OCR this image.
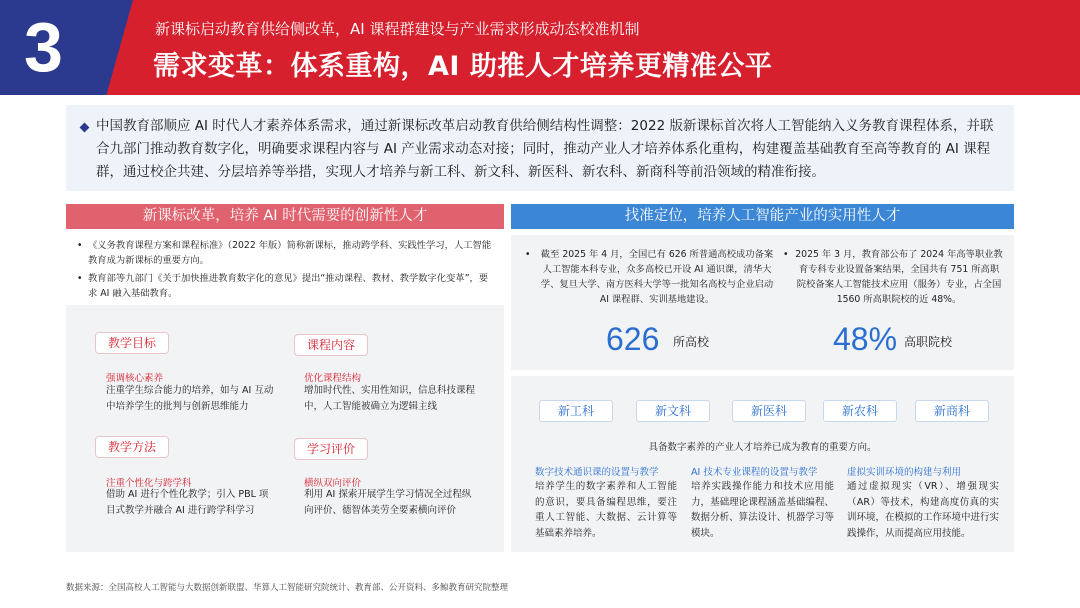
3	新课标启动教育供给侧改革，AI 课程群建设与产业需求形成动态校准机制
需求变革：体系重构，AI 助推人才培养更精准公平

中国教育部顺应 AI 时代人才素养体系需求，通过新课标改革启动教育供给侧结构性调整：2022 版新课标首次将人工智能纳入义务教育课程体系，并联合九部门推动教育数字化，明确要求课程内容与 AI 产业需求动态对接；同时，推动产业人才培养体系化重构，构建覆盖基础教育至高等教育的 AI 课程群，通过校企共建、分层培养等举措，实现人才培养与新工科、新文科、新医科、新农科、新商科等前沿领域的精准衔接。

新课标改革，培养 AI 时代需要的创新性人才	找准定位，培养人工智能产业的实用性人才
• 《义务教育课程方案和课程标准》（2022 年版）简称新课标，推动跨学科、实践性学习，人工智能教育成为新课标的重要方向。
• 教育部等九部门《关于加快推进教育数字化的意见》提出“推动课程、教材、教学数字化变革”，要求 AI 融入基础教育。
教学目标
强调核心素养
注重学生综合能力的培养，如与 AI 互动中培养学生的批判与创新思维能力
课程内容
优化课程结构
增加时代性、实用性知识，信息科技课程中，人工智能被确立为逻辑主线
教学方法
注重个性化与跨学科
借助 AI 进行个性化教学；引入 PBL 项目式教学并融合 AI 进行跨学科学习
学习评价
横纵双向评价
利用 AI 探索开展学生学习情况全过程纵向评价、德智体美劳全要素横向评价
•	截至 2025 年 4 月，全国已有 626 所普通高校成功备案人工智能本科专业，众多高校已开设 AI 通识课，清华大学、复旦大学、南方医科大学等一批知名高校与企业启动 AI 课程群、实训基地建设。
• 2025 年 3 月，教育部公布了 2024 年高等职业教育专科专业设置备案结果，全国共有 751 所高职院校备案人工智能技术应用（服务）专业，占全国 1560 所高职院校的近 48%。
626 所高校	48% 高职院校
新工科	新文科	新医科	新农科	新商科
具备数字素养的产业人才培养已成为教育的重要方向。
数字技术通识课的设置与教学
培养学生的数字素养和人工智能的意识，要具备编程思维，要注重人工智能、大数据、云计算等基础素养培养。
AI 技术专业课程的设置与教学
培养实践操作能力和技术应用能力，基础理论课程涵盖基础编程、数据分析、算法设计、机器学习等模块。
虚拟实训环境的构建与利用
通过虚拟现实（VR）、增强现实（AR）等技术，构建高度仿真的实训环境，在模拟的工作环境中进行实践操作，从而提高应用技能。
数据来源：全国高校人工智能与大数据创新联盟、华算人工智能研究院统计、教育部、公开资料、多鲸教育研究院整理
